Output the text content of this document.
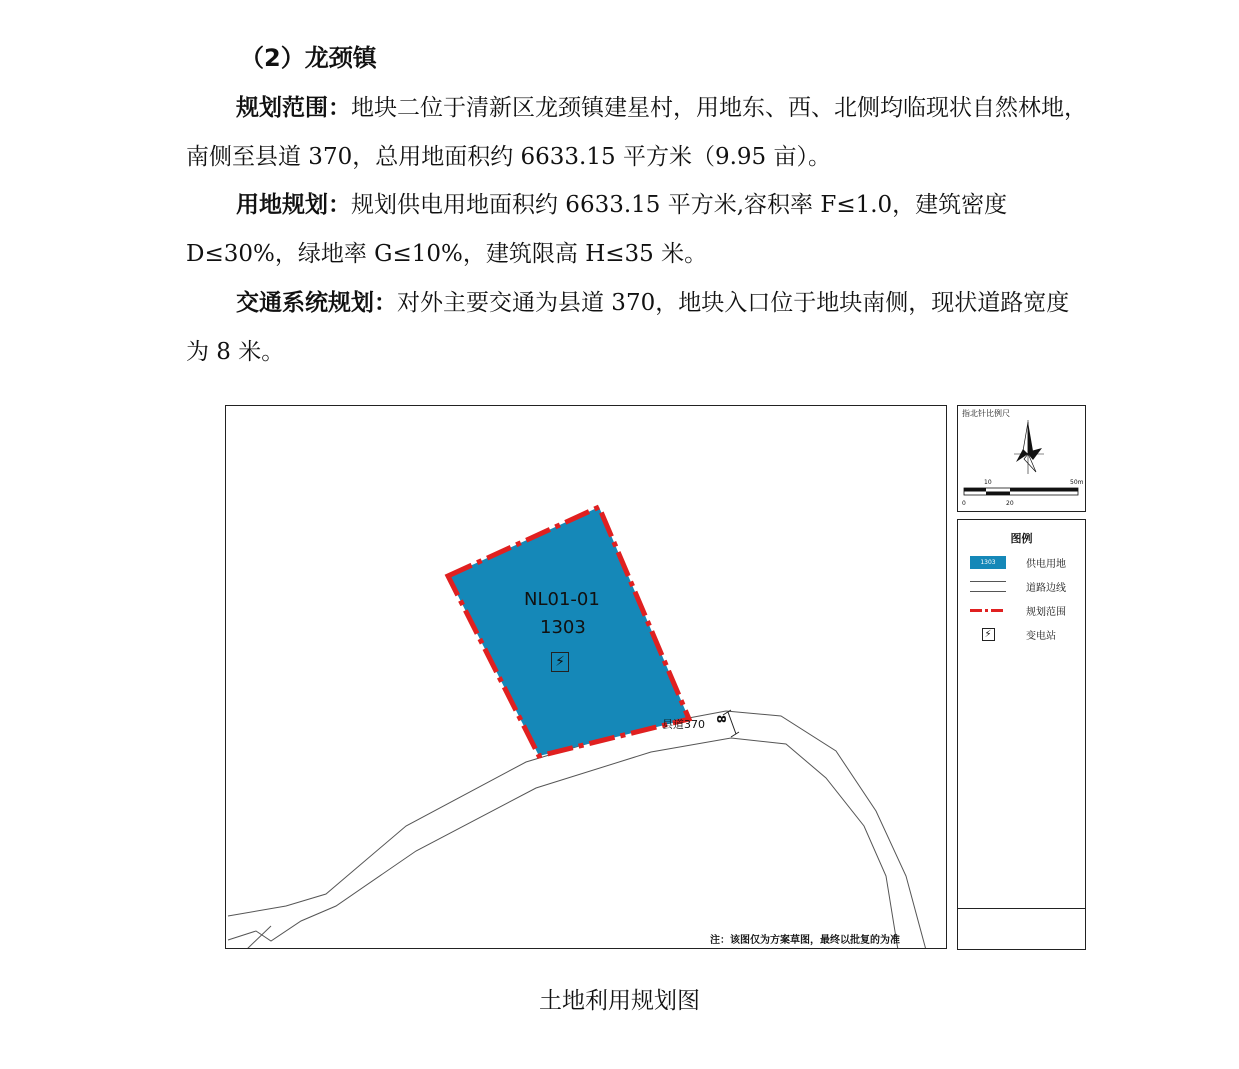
（2）龙颈镇

规划范围：地块二位于清新区龙颈镇建星村，用地东、西、北侧均临现状自然林地，南侧至县道 370，总用地面积约 6633.15 平方米（9.95 亩）。

用地规划：规划供电用地面积约 6633.15 平方米,容积率 F≤1.0，建筑密度 D≤30%，绿地率 G≤10%，建筑限高 H≤35 米。

交通系统规划：对外主要交通为县道 370，地块入口位于地块南侧，现状道路宽度为 8 米。

NL01-01
1303
⚡
县道370 8
注：该图仅为方案草图，最终以批复的为准
指北针比例尺
10	50m
0	20
图例
1303	供电用地
道路边线
规划范围
⚡	变电站

土地利用规划图
